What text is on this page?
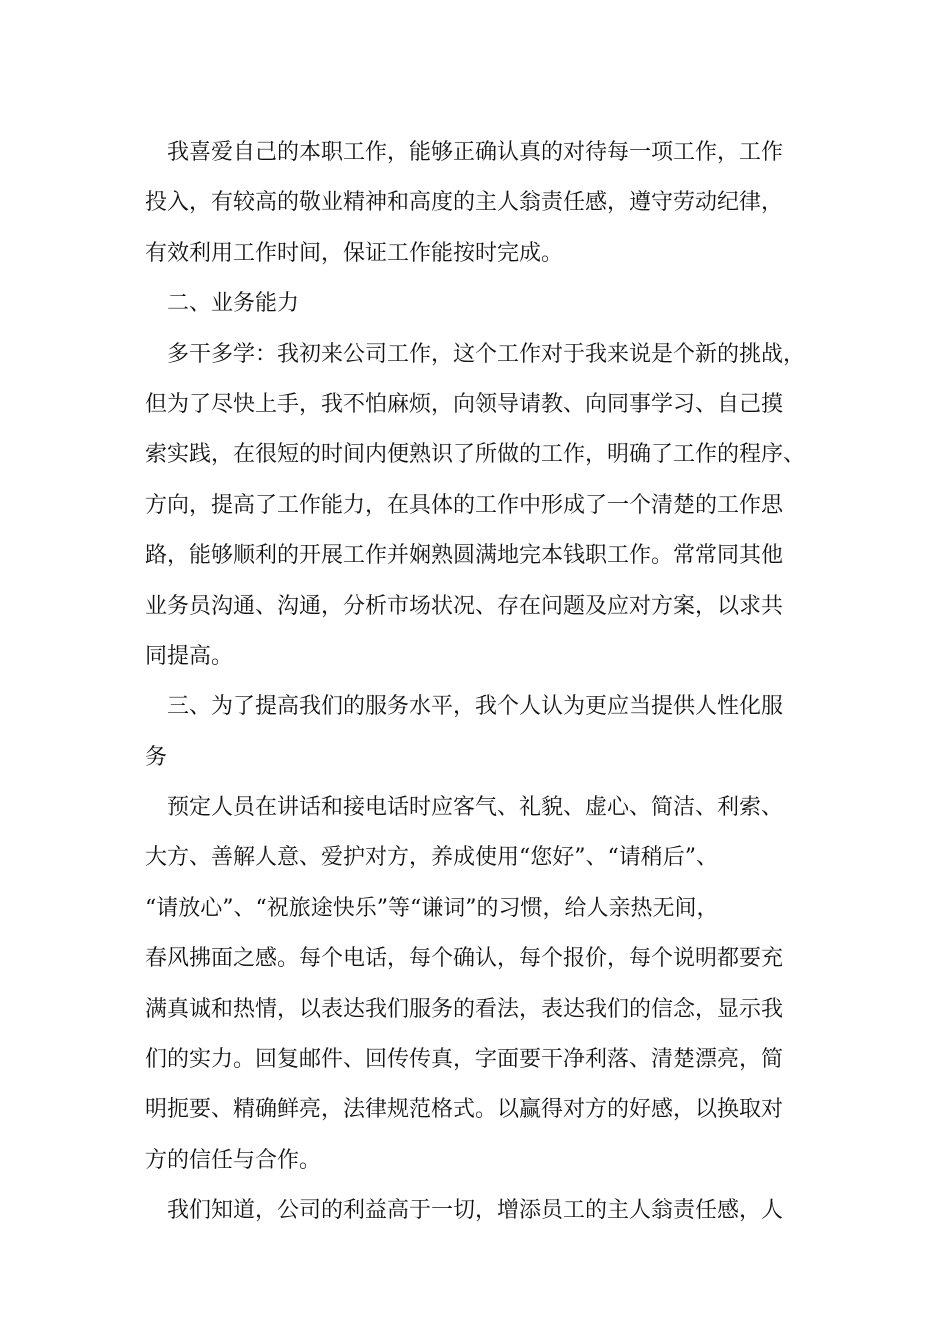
我喜爱自己的本职工作，能够正确认真的对待每一项工作，工作
投入，有较高的敬业精神和高度的主人翁责任感，遵守劳动纪律，
有效利用工作时间，保证工作能按时完成。
二、业务能力
多干多学：我初来公司工作，这个工作对于我来说是个新的挑战，
但为了尽快上手，我不怕麻烦，向领导请教、向同事学习、自己摸
索实践，在很短的时间内便熟识了所做的工作，明确了工作的程序、
方向，提高了工作能力，在具体的工作中形成了一个清楚的工作思
路，能够顺利的开展工作并娴熟圆满地完本钱职工作。常常同其他
业务员沟通、沟通，分析市场状况、存在问题及应对方案，以求共
同提高。
三、为了提高我们的服务水平，我个人认为更应当提供人性化服
务
预定人员在讲话和接电话时应客气、礼貌、虚心、简洁、利索、
大方、善解人意、爱护对方，养成使用“您好”、“请稍后”、
“请放心”、“祝旅途快乐”等“谦词”的习惯，给人亲热无间，
春风拂面之感。每个电话，每个确认，每个报价，每个说明都要充
满真诚和热情，以表达我们服务的看法，表达我们的信念，显示我
们的实力。回复邮件、回传传真，字面要干净利落、清楚漂亮，简
明扼要、精确鲜亮，法律规范格式。以赢得对方的好感，以换取对
方的信任与合作。
我们知道，公司的利益高于一切，增添员工的主人翁责任感，人
